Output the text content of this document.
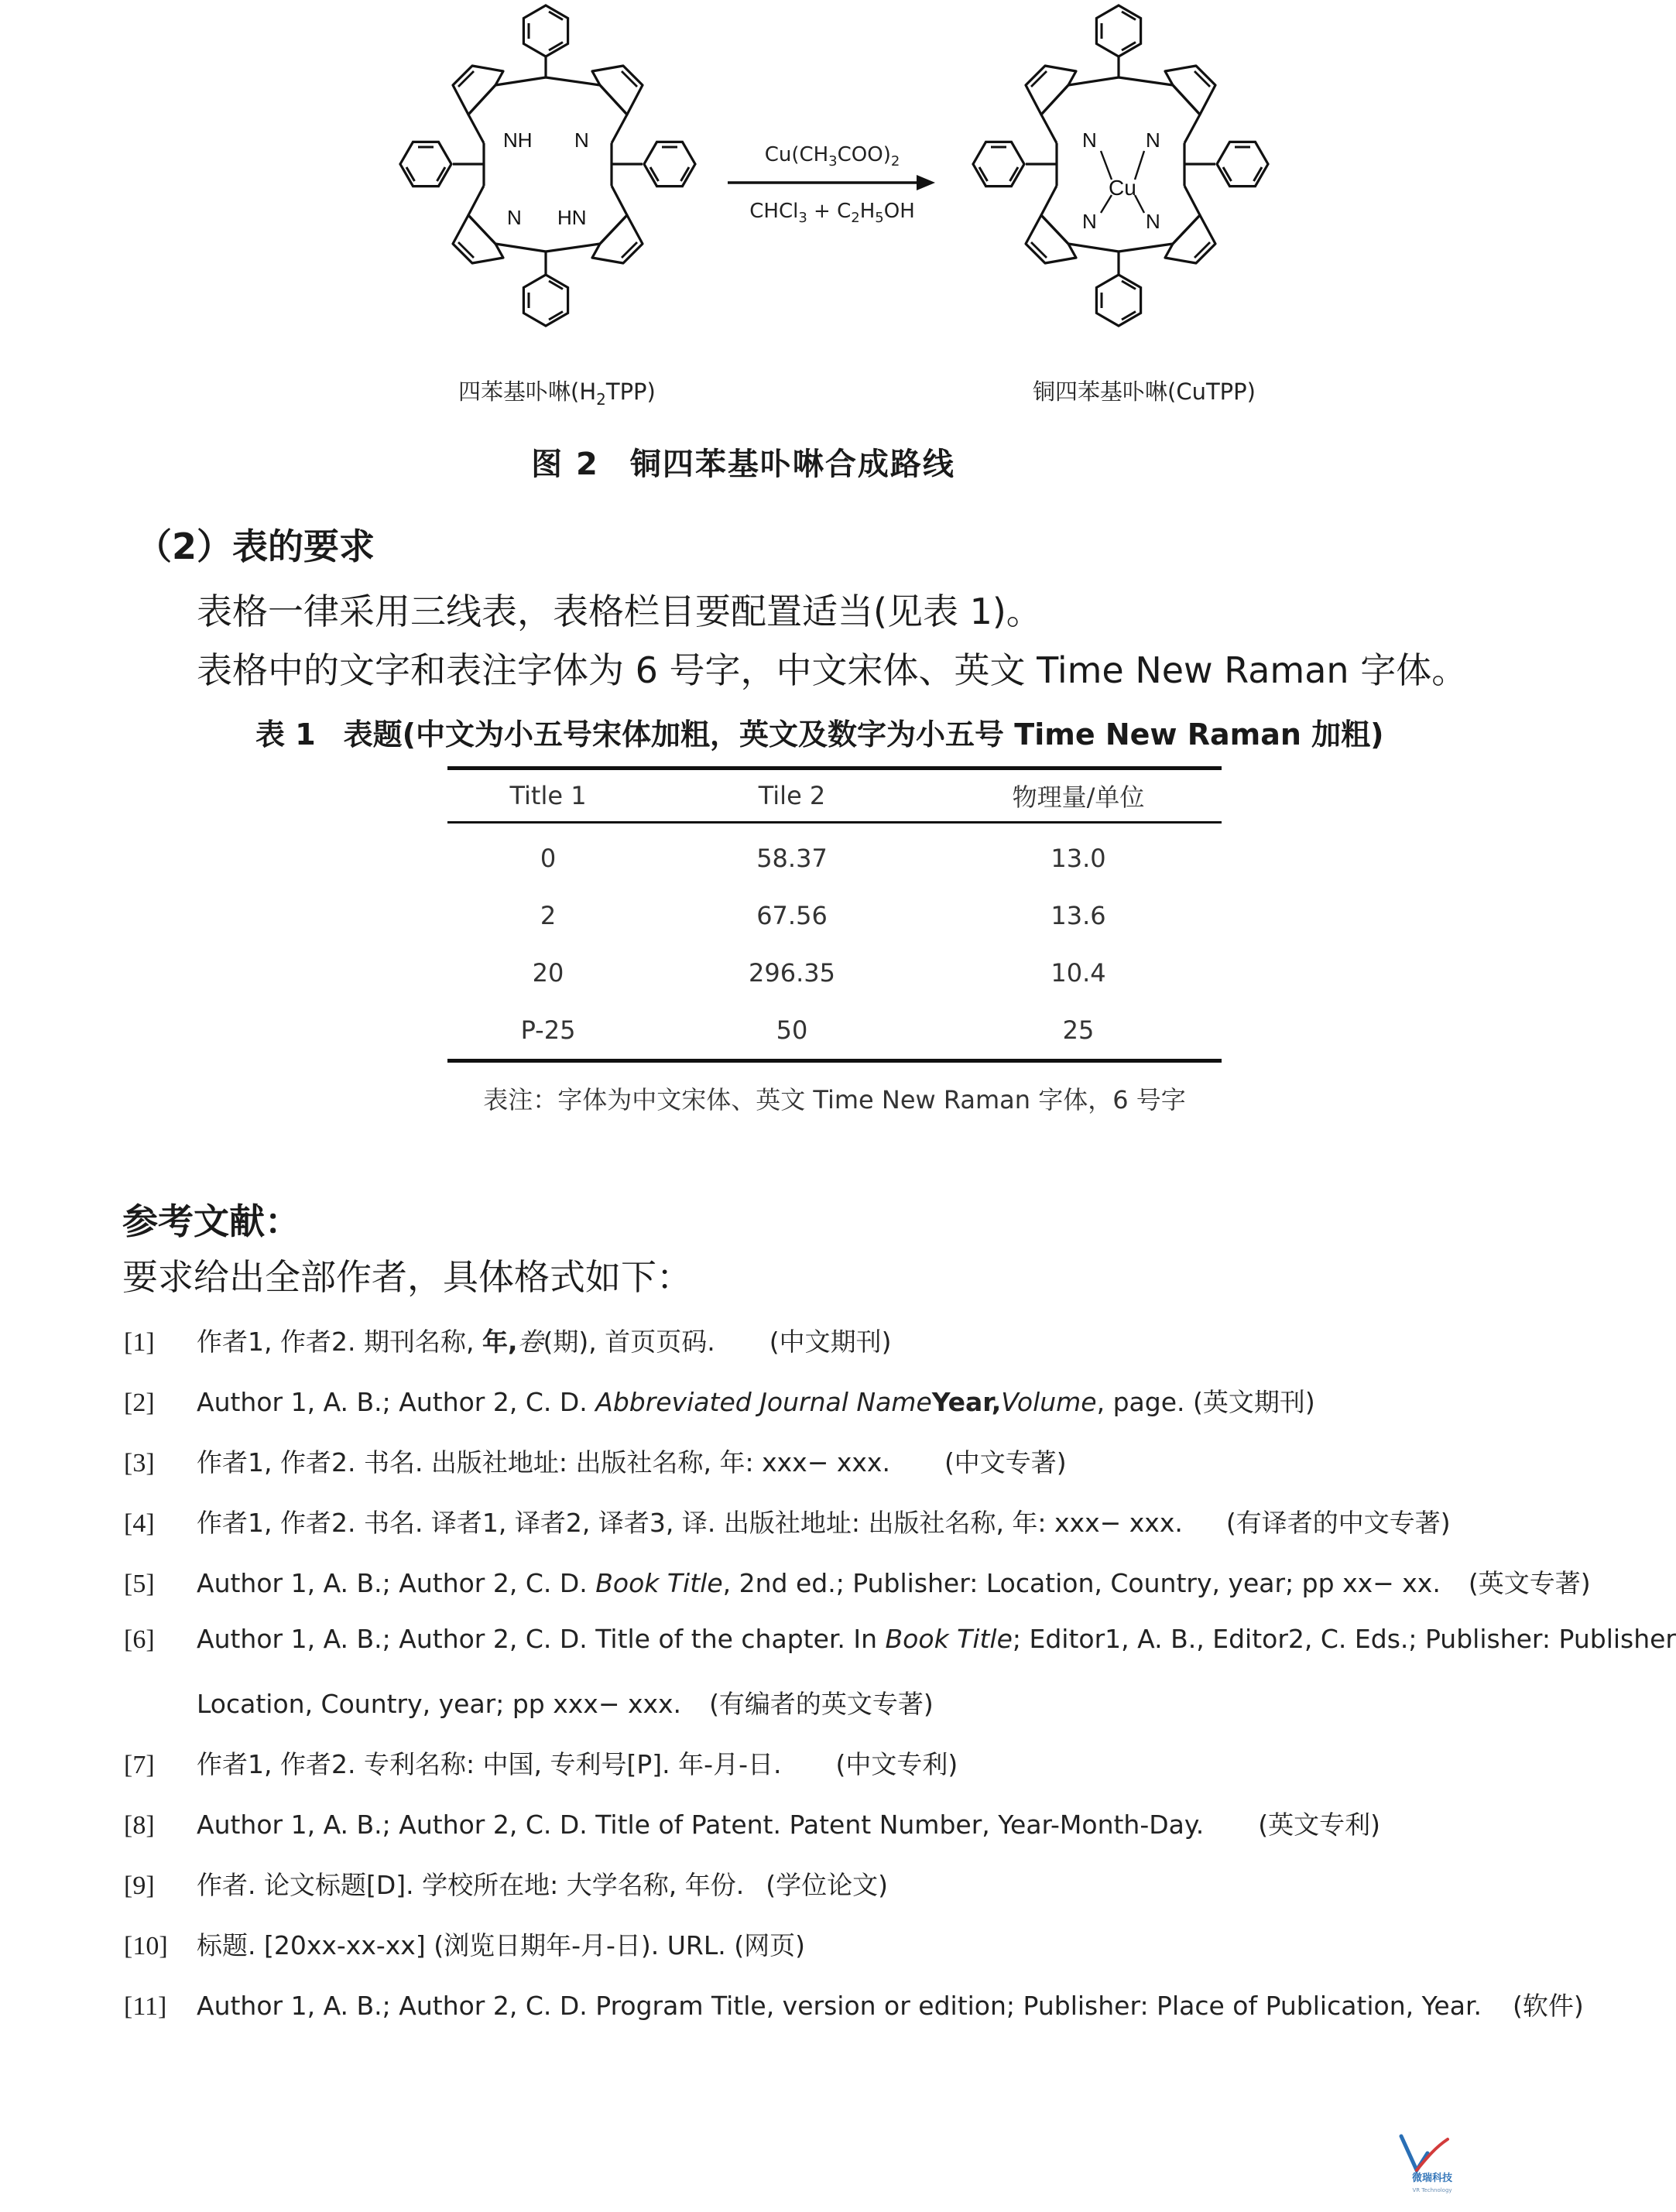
NH N
N HN
N N
N N
Cu
$Cu(CH_3COO)_2$
CHCl$_3$ + $C_2H_5OH$
四苯基卟啉$(H_2TPP)$	铜四苯基卟啉(CuTPP)
图 2 铜四苯基卟啉合成路线
（2）表的要求
表格一律采用三线表，表格栏目要配置适当(见表 1)。
表格中的文字和表注字体为 6 号字，中文宋体、英文 Time New Raman 字体。
表 1 表题(中文为小五号宋体加粗，英文及数字为小五号 Time New Raman 加粗)
Title 1	Tile 2	物理量/单位
0	58.37	13.0
2	67.56	13.6
20	296.35	10.4
P-25	50	25
表注：字体为中文宋体、英文 Time New Raman 字体，6 号字
参考文献：
要求给出全部作者，具体格式如下：
[1] 作者1, 作者2. 期刊名称, 年,卷(期), 首页页码. (中文期刊)
[2] Author 1, A. B.; Author 2, C. D. Abbreviated Journal NameYear,Volume, page. (英文期刊)
[3] 作者1, 作者2. 书名. 出版社地址: 出版社名称, 年: xxx− xxx. (中文专著)
[4] 作者1, 作者2. 书名. 译者1, 译者2, 译者3, 译. 出版社地址: 出版社名称, 年: xxx− xxx. (有译者的中文专著)
[5] Author 1, A. B.; Author 2, C. D. Book Title, 2nd ed.; Publisher: Location, Country, year; pp xx− xx. (英文专著)
[6] Author 1, A. B.; Author 2, C. D. Title of the chapter. In Book Title; Editor1, A. B., Editor2, C. Eds.; Publisher: Publisher
Location, Country, year; pp xxx− xxx. (有编者的英文专著)
[7] 作者1, 作者2. 专利名称: 中国, 专利号[P]. 年-月-日. (中文专利)
[8] Author 1, A. B.; Author 2, C. D. Title of Patent. Patent Number, Year-Month-Day. (英文专利)
[9] 作者. 论文标题[D]. 学校所在地: 大学名称, 年份. (学位论文)
[10] 标题. [20xx-xx-xx] (浏览日期年-月-日). URL. (网页)
[11] Author 1, A. B.; Author 2, C. D. Program Title, version or edition; Publisher: Place of Publication, Year. (软件)
微瑞科技
VR Technology
